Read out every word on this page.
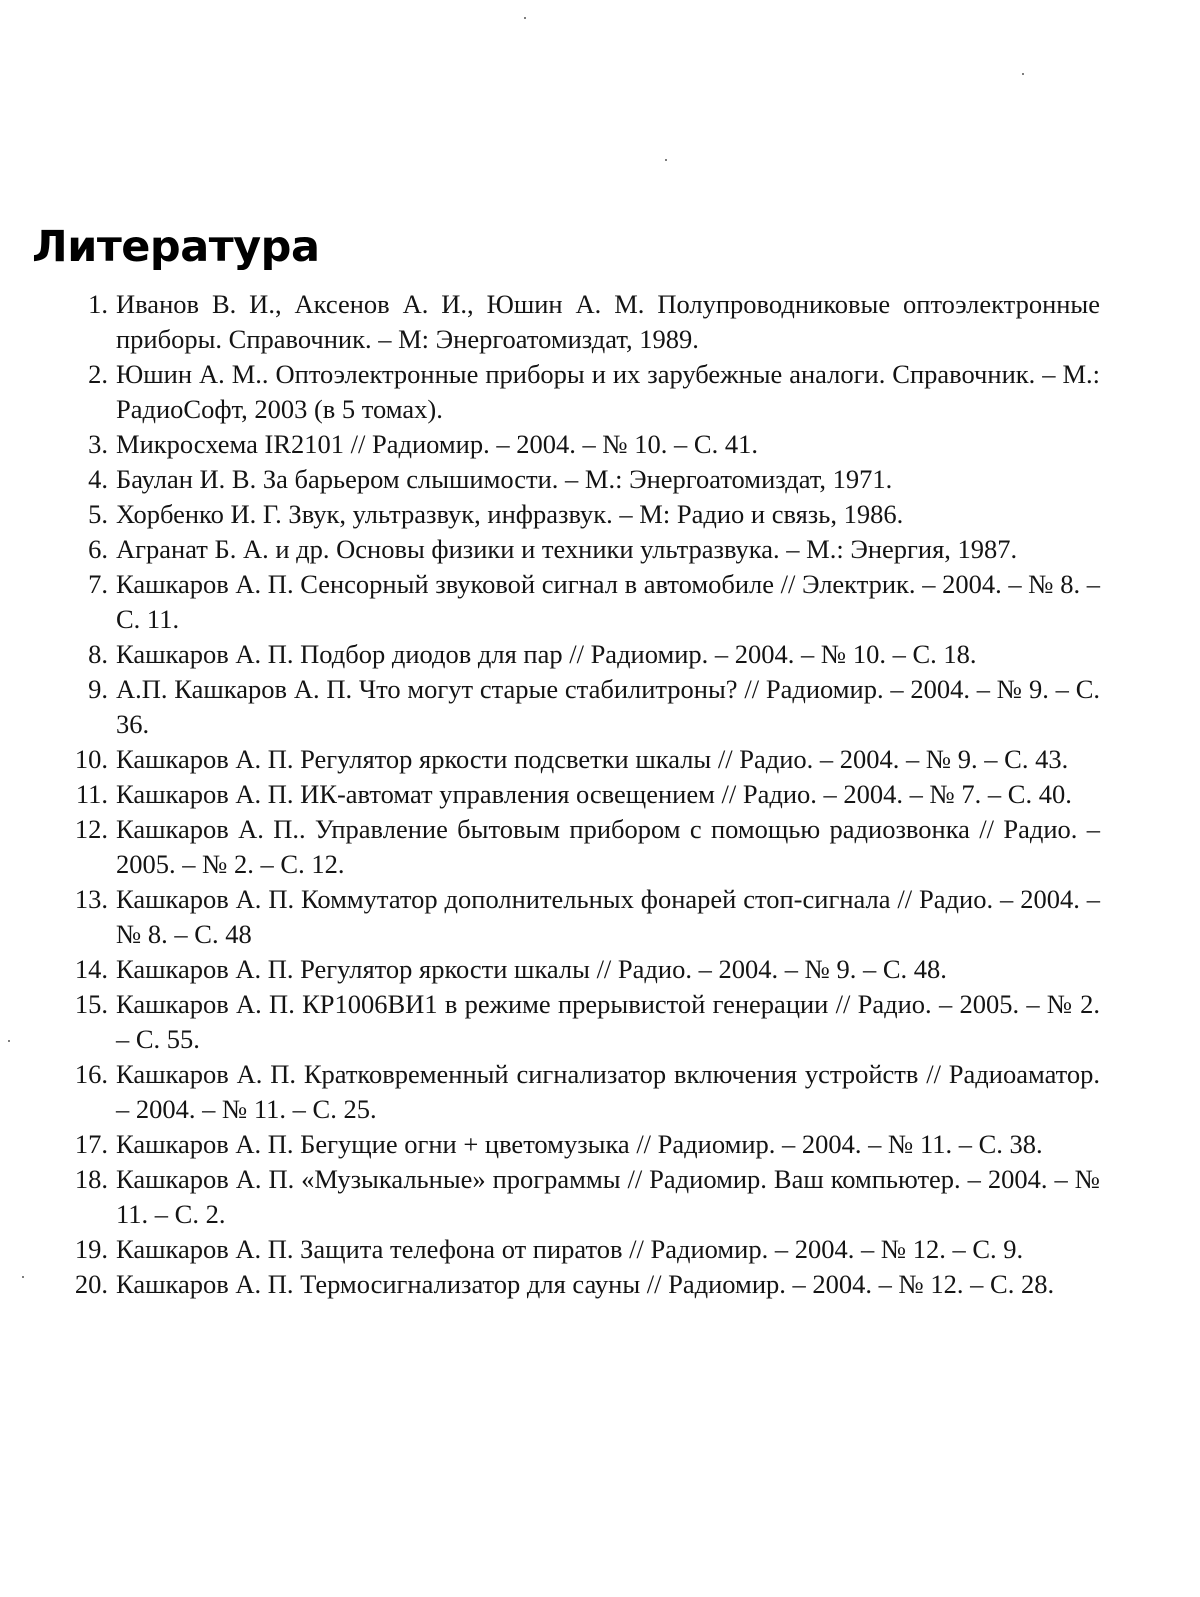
Литература
1. Иванов В. И., Аксенов А. И., Юшин А. М. Полупроводниковые оптоэлектронные приборы. Справочник. – М: Энергоатомиздат, 1989.
2. Юшин А. М.. Оптоэлектронные приборы и их зарубежные аналоги. Справочник. – М.: РадиоСофт, 2003 (в 5 томах).
3. Микросхема IR2101 // Радиомир. – 2004. – № 10. – С. 41.
4. Баулан И. В. За барьером слышимости. – М.: Энергоатомиздат, 1971.
5. Хорбенко И. Г. Звук, ультразвук, инфразвук. – М: Радио и связь, 1986.
6. Агранат Б. А. и др. Основы физики и техники ультразвука. – М.: Энергия, 1987.
7. Кашкаров А. П. Сенсорный звуковой сигнал в автомобиле // Электрик. – 2004. – № 8. – С. 11.
8. Кашкаров А. П. Подбор диодов для пар // Радиомир. – 2004. – № 10. – С. 18.
9. А.П. Кашкаров А. П. Что могут старые стабилитроны? // Радиомир. – 2004. – № 9. – С. 36.
10. Кашкаров А. П. Регулятор яркости подсветки шкалы // Радио. – 2004. – № 9. – С. 43.
11. Кашкаров А. П. ИК-автомат управления освещением // Радио. – 2004. – № 7. – С. 40.
12. Кашкаров А. П.. Управление бытовым прибором с помощью радиозвонка // Радио. – 2005. – № 2. – С. 12.
13. Кашкаров А. П. Коммутатор дополнительных фонарей стоп-сигнала // Радио. – 2004. – № 8. – С. 48
14. Кашкаров А. П. Регулятор яркости шкалы // Радио. – 2004. – № 9. – С. 48.
15. Кашкаров А. П. КР1006ВИ1 в режиме прерывистой генерации // Радио. – 2005. – № 2. – С. 55.
16. Кашкаров А. П. Кратковременный сигнализатор включения устройств // Радиоаматор. – 2004. – № 11. – С. 25.
17. Кашкаров А. П. Бегущие огни + цветомузыка // Радиомир. – 2004. – № 11. – С. 38.
18. Кашкаров А. П. «Музыкальные» программы // Радиомир. Ваш компьютер. – 2004. – № 11. – С. 2.
19. Кашкаров А. П. Защита телефона от пиратов // Радиомир. – 2004. – № 12. – С. 9.
20. Кашкаров А. П. Термосигнализатор для сауны // Радиомир. – 2004. – № 12. – С. 28.
